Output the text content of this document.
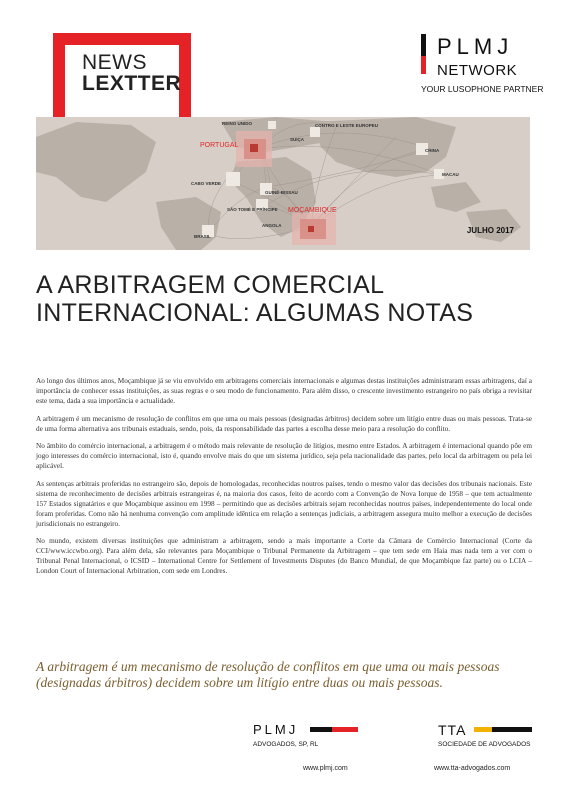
NEWS
LEXTTER
PLMJ
NETWORK
YOUR LUSOPHONE PARTNER
REINO UNIDO	CONTRO E LESTE EUROPEU
SUIÇA
PORTUGAL
CHINA
MACAU
CABO VERDE
GUINÉ-BISSAU
SÃO TOMÉ E PRÍNCIPE MOÇAMBIQUE
ANGOLA
BRASIL
JULHO 2017
A ARBITRAGEM COMERCIAL
INTERNACIONAL: ALGUMAS NOTAS

Ao longo dos últimos anos, Moçambique já se viu envolvido em arbitragens comerciais internacionais e algumas destas instituições administraram essas arbitragens, daí a importância de conhecer essas instituições, as suas regras e o seu modo de funcionamento. Para além disso, o crescente investimento estrangeiro no país obriga a revisitar este tema, dada a sua importância e actualidade.

A arbitragem é um mecanismo de resolução de conflitos em que uma ou mais pessoas (designadas árbitros) decidem sobre um litígio entre duas ou mais pessoas. Trata-se de uma forma alternativa aos tribunais estaduais, sendo, pois, da responsabilidade das partes a escolha desse meio para a resolução do conflito.

No âmbito do comércio internacional, a arbitragem é o método mais relevante de resolução de litígios, mesmo entre Estados. A arbitragem é internacional quando põe em jogo interesses do comércio internacional, isto é, quando envolve mais do que um sistema jurídico, seja pela nacionalidade das partes, pelo local da arbitragem ou pela lei aplicável.

As sentenças arbitrais proferidas no estrangeiro são, depois de homologadas, reconhecidas noutros países, tendo o mesmo valor das decisões dos tribunais nacionais. Este sistema de reconhecimento de decisões arbitrais estrangeiras é, na maioria dos casos, feito de acordo com a Convenção de Nova Iorque de 1958 – que tem actualmente 157 Estados signatários e que Moçambique assinou em 1998 – permitindo que as decisões arbitrais sejam reconhecidas noutros países, independentemente do local onde foram proferidas. Como não há nenhuma convenção com amplitude idêntica em relação a sentenças judiciais, a arbitragem assegura muito melhor a execução de decisões jurisdicionais no estrangeiro.

No mundo, existem diversas instituições que administram a arbitragem, sendo a mais importante a Corte da Câmara de Comércio Internacional (Corte da CCI/www.iccwbo.org). Para além dela, são relevantes para Moçambique o Tribunal Permanente da Arbitragem – que tem sede em Haia mas nada tem a ver com o Tribunal Penal Internacional, o ICSID – International Centre for Settlement of Investments Disputes (do Banco Mundial, de que Moçambique faz parte) ou o LCIA – London Court of Internacional Arbitration, com sede em Londres.

A arbitragem é um mecanismo de resolução de conflitos em que uma ou mais pessoas (designadas árbitros) decidem sobre um litígio entre duas ou mais pessoas.
PLMJ
ADVOGADOS, SP, RL
TTA
SOCIEDADE DE ADVOGADOS
www.plmj.com	www.tta-advogados.com
